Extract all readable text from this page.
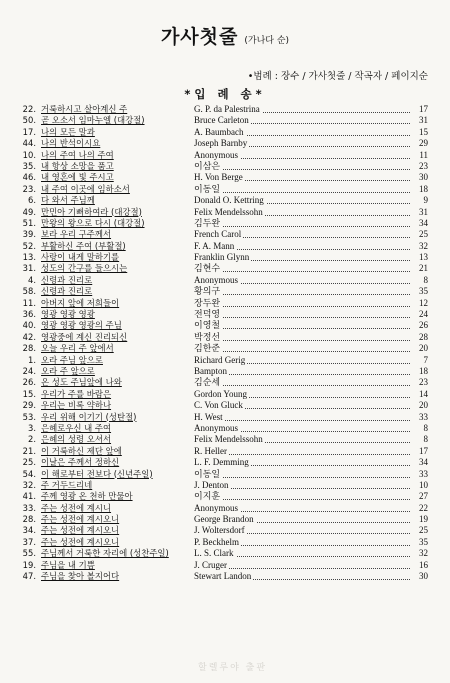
가사첫줄 (가나다 순)
•범례 : 장수 / 가사첫줄 / 작곡자 / 페이지순
*입 례 송*
22. 거룩하시고 살아계신 주	G. P. da Palestrina	17
50. 곧 오소서 임마누엘 (대강절)	Bruce Carleton	31
17. 나의 모든 말과	A. Baumbach	15
44. 나의 반석이시요	Joseph Barnby	29
10. 나의 주여 나의 주여	Anonymous	11
35. 내 항상 소망을 품고	이삼은	23
46. 내 영혼에 빛 주시고	H. Von Berge	30
23. 내 주여 이곳에 임하소서	이동일	18
6. 다 와서 주님께	Donald O. Kettring	9
49. 만민아 기뻐하여라 (대강절)	Felix Mendelssohn	31
51. 만왕의 왕으로 다시 (대강절)	김두완	34
39. 보라 우리 구주께서	French Carol	25
52. 부활하신 주여 (부활절)	F. A. Mann	32
13. 사랑이 내게 말하기를	Franklin Glynn	13
31. 성도의 간구를 들으시는	김현수	21
4. 신령과 진리로	Anonymous	8
58. 신령과 진리로	황의구	35
11. 아버지 앞에 저희들이	장두완	12
36. 영광 영광 영광	전덕영	24
40. 영광 영광 영광의 주님	이영철	26
42. 영광중에 계신 진리되신	박정선	28
28. 오늘 우리 주 앞에서	김한준	20
1. 오라 주님 앞으로	Richard Gerig	7
24. 오라 주 앞으로	Bampton	18
26. 온 성도 주님앞에 나와	김순세	23
15. 우리가 주를 바람은	Gordon Young	14
29. 우리는 비록 약하나	C. Von Gluck	20
53. 우리 위해 이기기 (성탄절)	H. West	33
3. 은혜로우신 내 주여	Anonymous	8
2. 은혜의 성령 오셔서	Felix Mendelssohn	8
21. 이 거룩하신 제단 앞에	R. Heller	17
25. 이날은 주께서 정하신	L. F. Demming	34
54. 이 해로부터 전보다 (신년주일)	이동일	33
32. 주 거두드리네	J. Denton	10
41. 주께 영광 온 천하 만물아	이지훈	27
33. 주는 성전에 계시니	Anonymous	22
28. 주는 성전에 계시오니	George Brandon	19
34. 주는 성전에 계시오니	J. Woltersdorf	25
37. 주는 성전에 계시오니	P. Beckhelm	35
55. 주님께서 거룩한 자리에 (성찬주일)	L. S. Clark	32
19. 주님을 내 기쁨	J. Cruger	16
47. 주님을 찾아 볼지어다	Stewart Landon	30
할렐루야 출판
